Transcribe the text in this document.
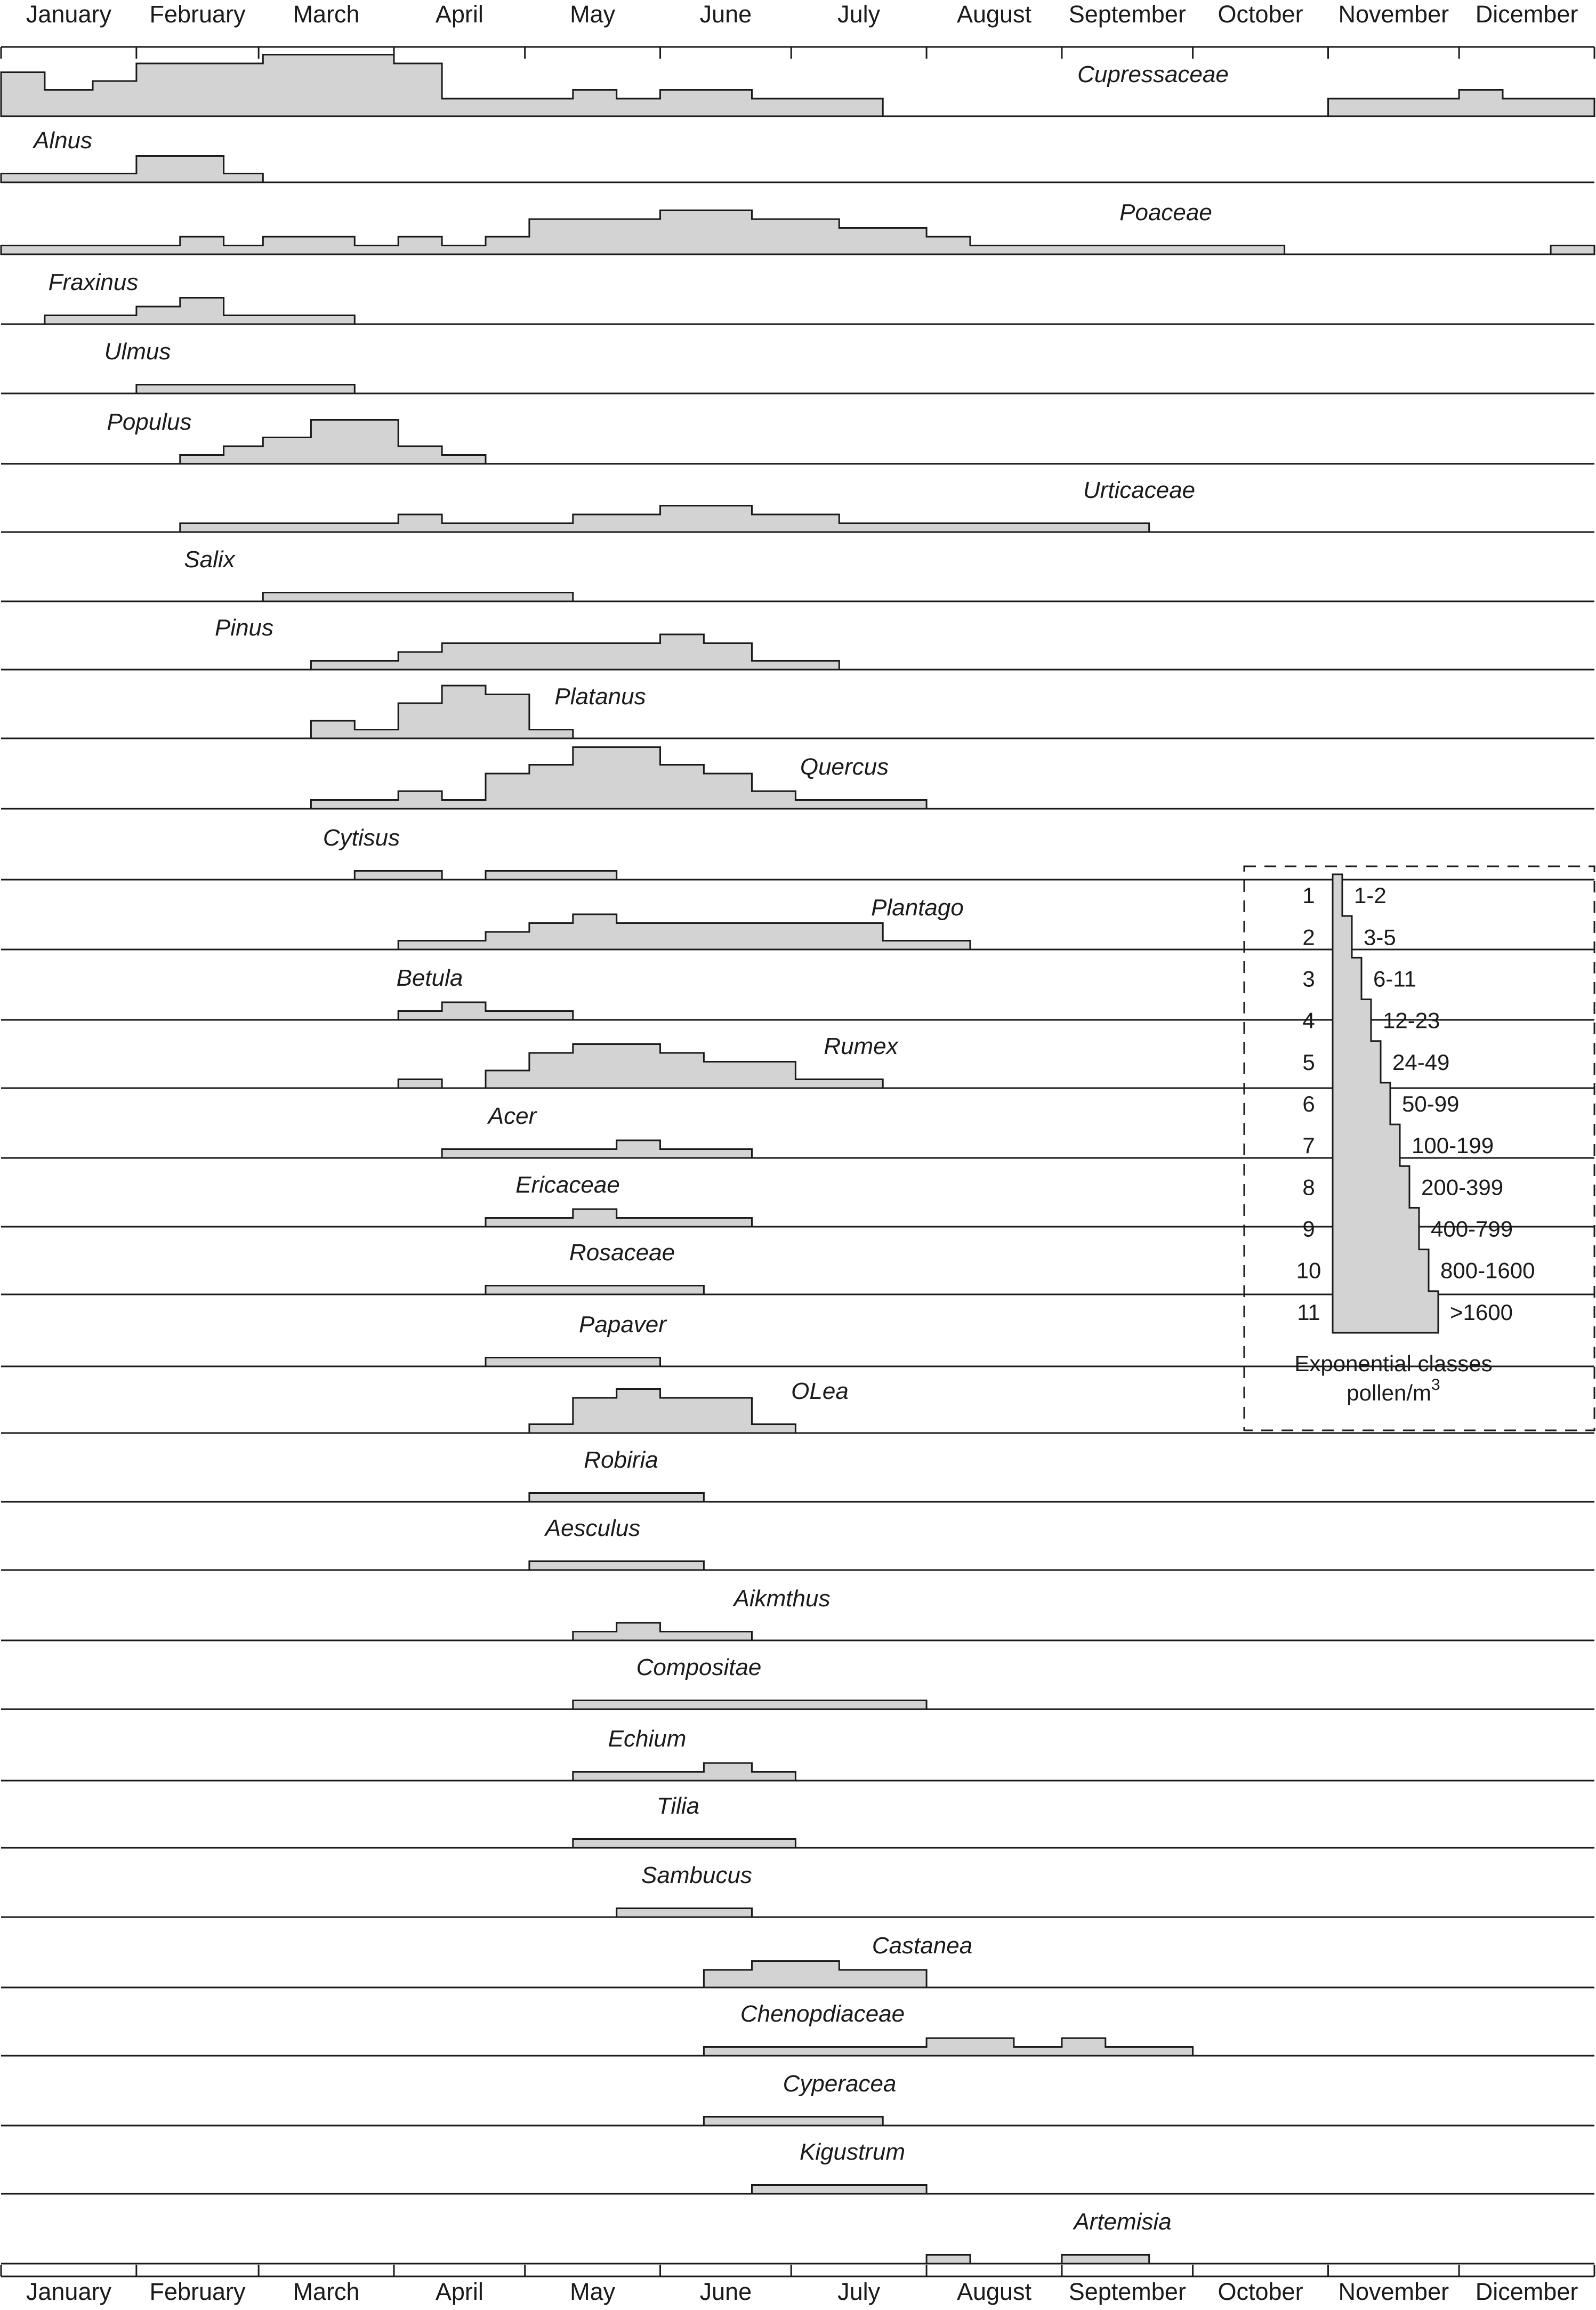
January February March	April	May	June	July	August September October November Dicember
January February March	April	May	June	July	August September October November Dicember
Cupressaceae
Alnus
Poaceae
Fraxinus
Ulmus
Populus
Urticaceae
Salix
Pinus
Platanus
Quercus
Cytisus
Plantago
Betula
Rumex
Acer
Ericaceae
Rosaceae
Papaver
OLea
Robiria
Aesculus
Aikmthus
Compositae
Echium
Tilia
Sambucus
Castanea
Chenopdiaceae
Cyperacea
Kigustrum
Artemisia
1 1-2
2 3-5
3	6-11
4	12-23
5	24-49
6	50-99
7	100-199
8	200-399
9	400-799
10	800-1600
11	>1600
Exponential classes
pollen/$m^3$
